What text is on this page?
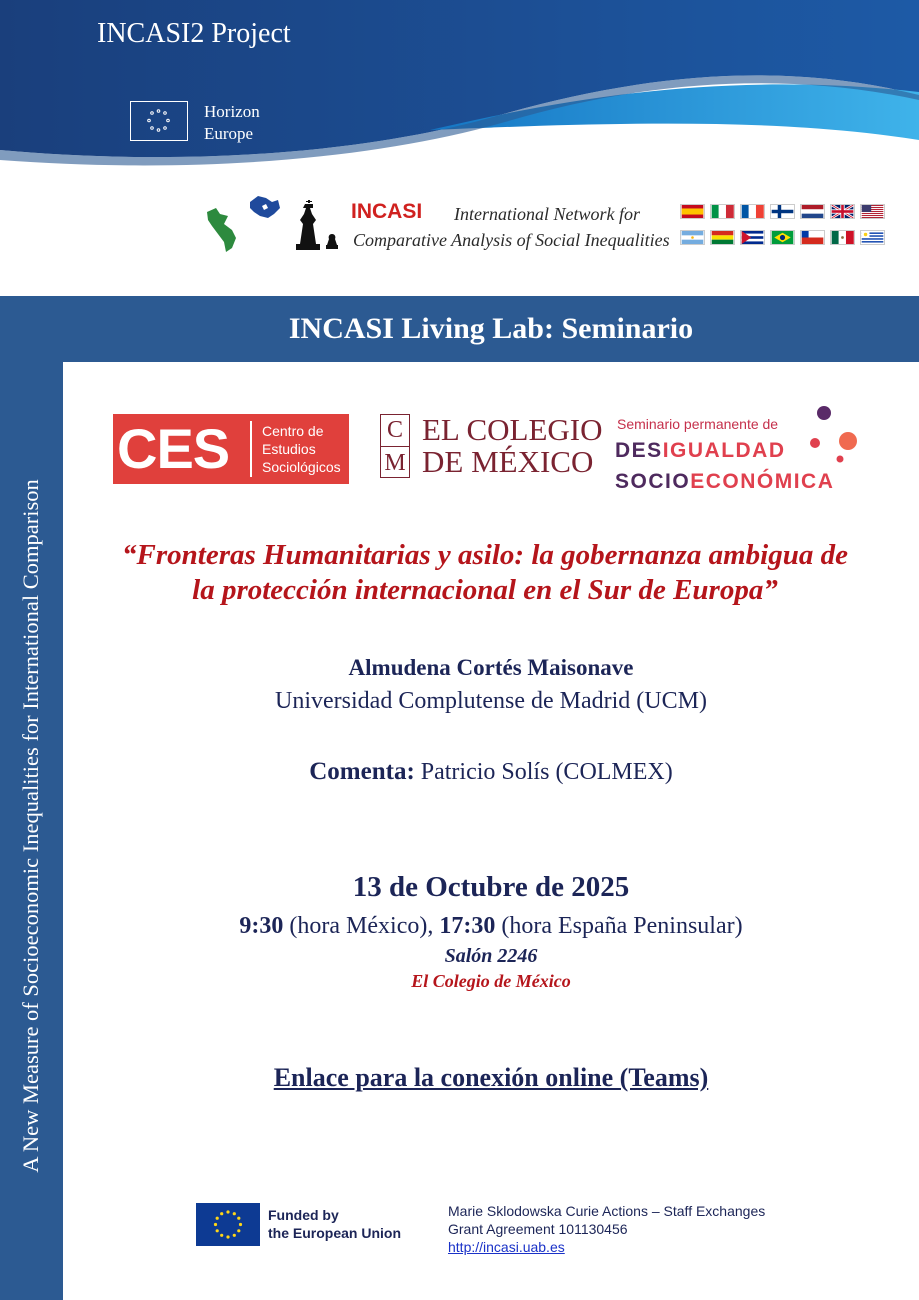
INCASI2 Project
Horizon
Europe
INCASI	International Network for
Comparative Analysis of Social Inequalities
A New Measure of Socioeconomic Inequalities for International Comparison
INCASI Living Lab: Seminario
CES Centro de
Estudios
Sociológicos
C
M
EL COLEGIO
DE MÉXICO
Seminario permanente de
DESIGUALDAD
SOCIOECONÓMICA
“Fronteras Humanitarias y asilo: la gobernanza ambigua de la protección internacional en el Sur de Europa”
Almudena Cortés Maisonave
Universidad Complutense de Madrid (UCM)
Comenta: Patricio Solís (COLMEX)
13 de Octubre de 2025
9:30 (hora México), 17:30 (hora España Peninsular)
Salón 2246
El Colegio de México
Enlace para la conexión online (Teams)
Funded by
the European Union
Marie Sklodowska Curie Actions – Staff Exchanges
Grant Agreement 101130456
http://incasi.uab.es
